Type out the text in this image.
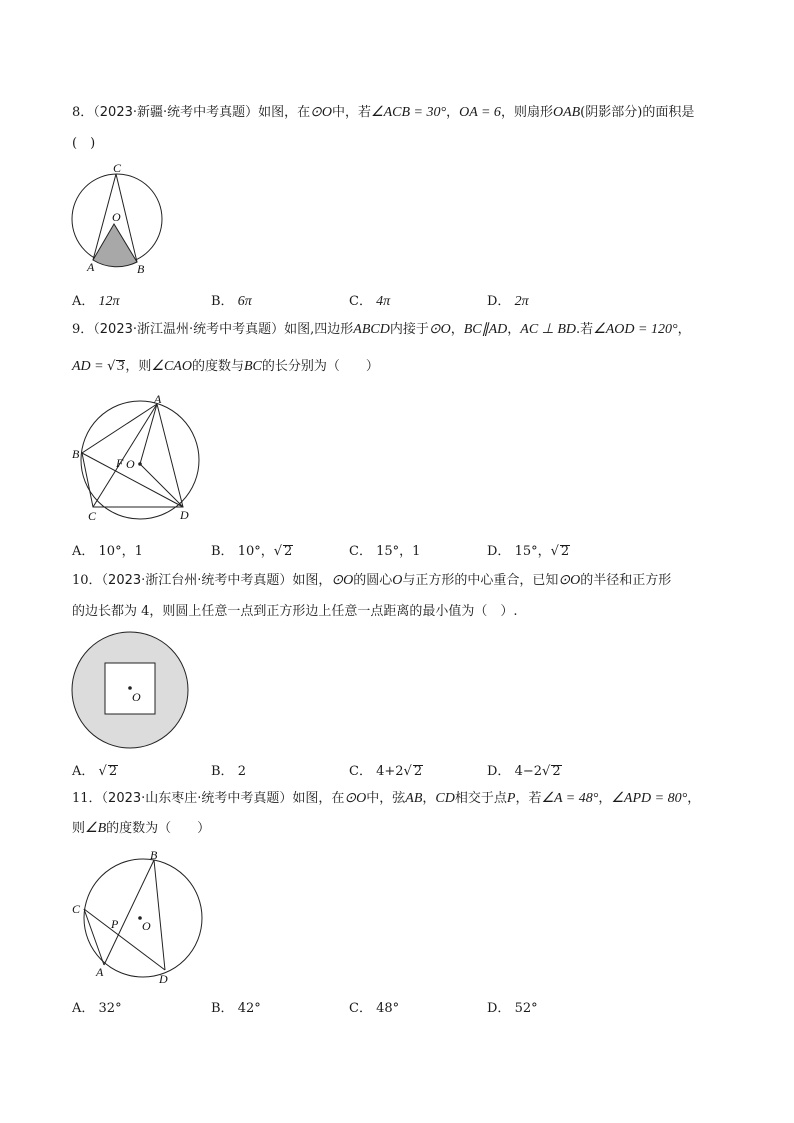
8．（2023·新疆·统考中考真题）如图，在⊙O中，若∠ACB = 30°，OA = 6，则扇形OAB(阴影部分)的面积是
(　)
C
O
A	B
A． 12π	B． 6π	C． 4π	D． 2π
9．（2023·浙江温州·统考中考真题）如图,四边形ABCD内接于⊙O，BC∥AD，AC ⊥ BD.若∠AOD = 120°，
AD = √ 3，则∠CAO的度数与BC的长分别为（　　）
A
B
F O
C	D
A． 10°，1	B． 10°，√ 2	C． 15°，1	D． 15°，√ 2
10．（2023·浙江台州·统考中考真题）如图，⊙O的圆心O与正方形的中心重合，已知⊙O的半径和正方形
的边长都为 4，则圆上任意一点到正方形边上任意一点距离的最小值为（　）.
O
A． √ 2	B． 2	C． 4+2√ 2	D． 4−2√ 2
11．（2023·山东枣庄·统考中考真题）如图，在⊙O中，弦AB，CD相交于点P，若∠A = 48°，∠APD = 80°，
则∠B的度数为（　　）
B
C
P O
A	D
A． 32°	B． 42°	C． 48°	D． 52°
